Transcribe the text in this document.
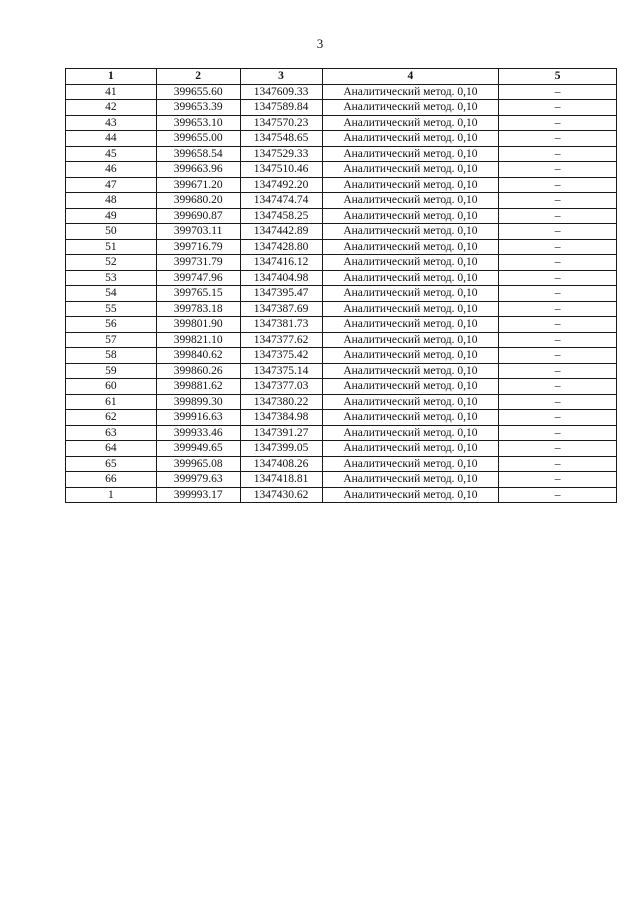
3
1	2	3	4	5
41	399655.60	1347609.33	Аналитический метод. 0,10	–
42	399653.39	1347589.84	Аналитический метод. 0,10	–
43	399653.10	1347570.23	Аналитический метод. 0,10	–
44	399655.00	1347548.65	Аналитический метод. 0,10	–
45	399658.54	1347529.33	Аналитический метод. 0,10	–
46	399663.96	1347510.46	Аналитический метод. 0,10	–
47	399671.20	1347492.20	Аналитический метод. 0,10	–
48	399680.20	1347474.74	Аналитический метод. 0,10	–
49	399690.87	1347458.25	Аналитический метод. 0,10	–
50	399703.11	1347442.89	Аналитический метод. 0,10	–
51	399716.79	1347428.80	Аналитический метод. 0,10	–
52	399731.79	1347416.12	Аналитический метод. 0,10	–
53	399747.96	1347404.98	Аналитический метод. 0,10	–
54	399765.15	1347395.47	Аналитический метод. 0,10	–
55	399783.18	1347387.69	Аналитический метод. 0,10	–
56	399801.90	1347381.73	Аналитический метод. 0,10	–
57	399821.10	1347377.62	Аналитический метод. 0,10	–
58	399840.62	1347375.42	Аналитический метод. 0,10	–
59	399860.26	1347375.14	Аналитический метод. 0,10	–
60	399881.62	1347377.03	Аналитический метод. 0,10	–
61	399899.30	1347380.22	Аналитический метод. 0,10	–
62	399916.63	1347384.98	Аналитический метод. 0,10	–
63	399933.46	1347391.27	Аналитический метод. 0,10	–
64	399949.65	1347399.05	Аналитический метод. 0,10	–
65	399965.08	1347408.26	Аналитический метод. 0,10	–
66	399979.63	1347418.81	Аналитический метод. 0,10	–
1	399993.17	1347430.62	Аналитический метод. 0,10	–
